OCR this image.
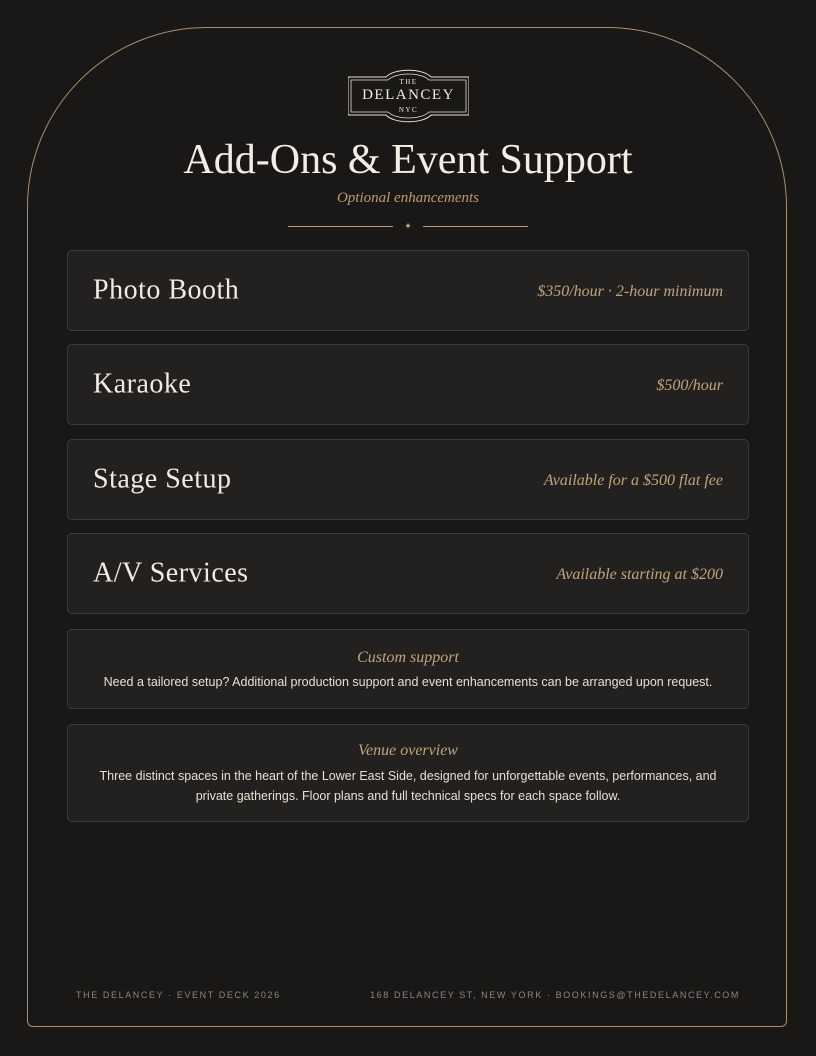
THE
DELANCEY
NYC
Add-Ons & Event Support
Optional enhancements
✦
Photo Booth	$350/hour · 2-hour minimum
Karaoke	$500/hour
Stage Setup	Available for a $500 flat fee
A/V Services	Available starting at $200
Custom support
Need a tailored setup? Additional production support and event enhancements can be arranged upon request.
Venue overview
Three distinct spaces in the heart of the Lower East Side, designed for unforgettable events, performances, and private gatherings. Floor plans and full technical specs for each space follow.
THE DELANCEY · EVENT DECK 2026	168 DELANCEY ST, NEW YORK · BOOKINGS@THEDELANCEY.COM
